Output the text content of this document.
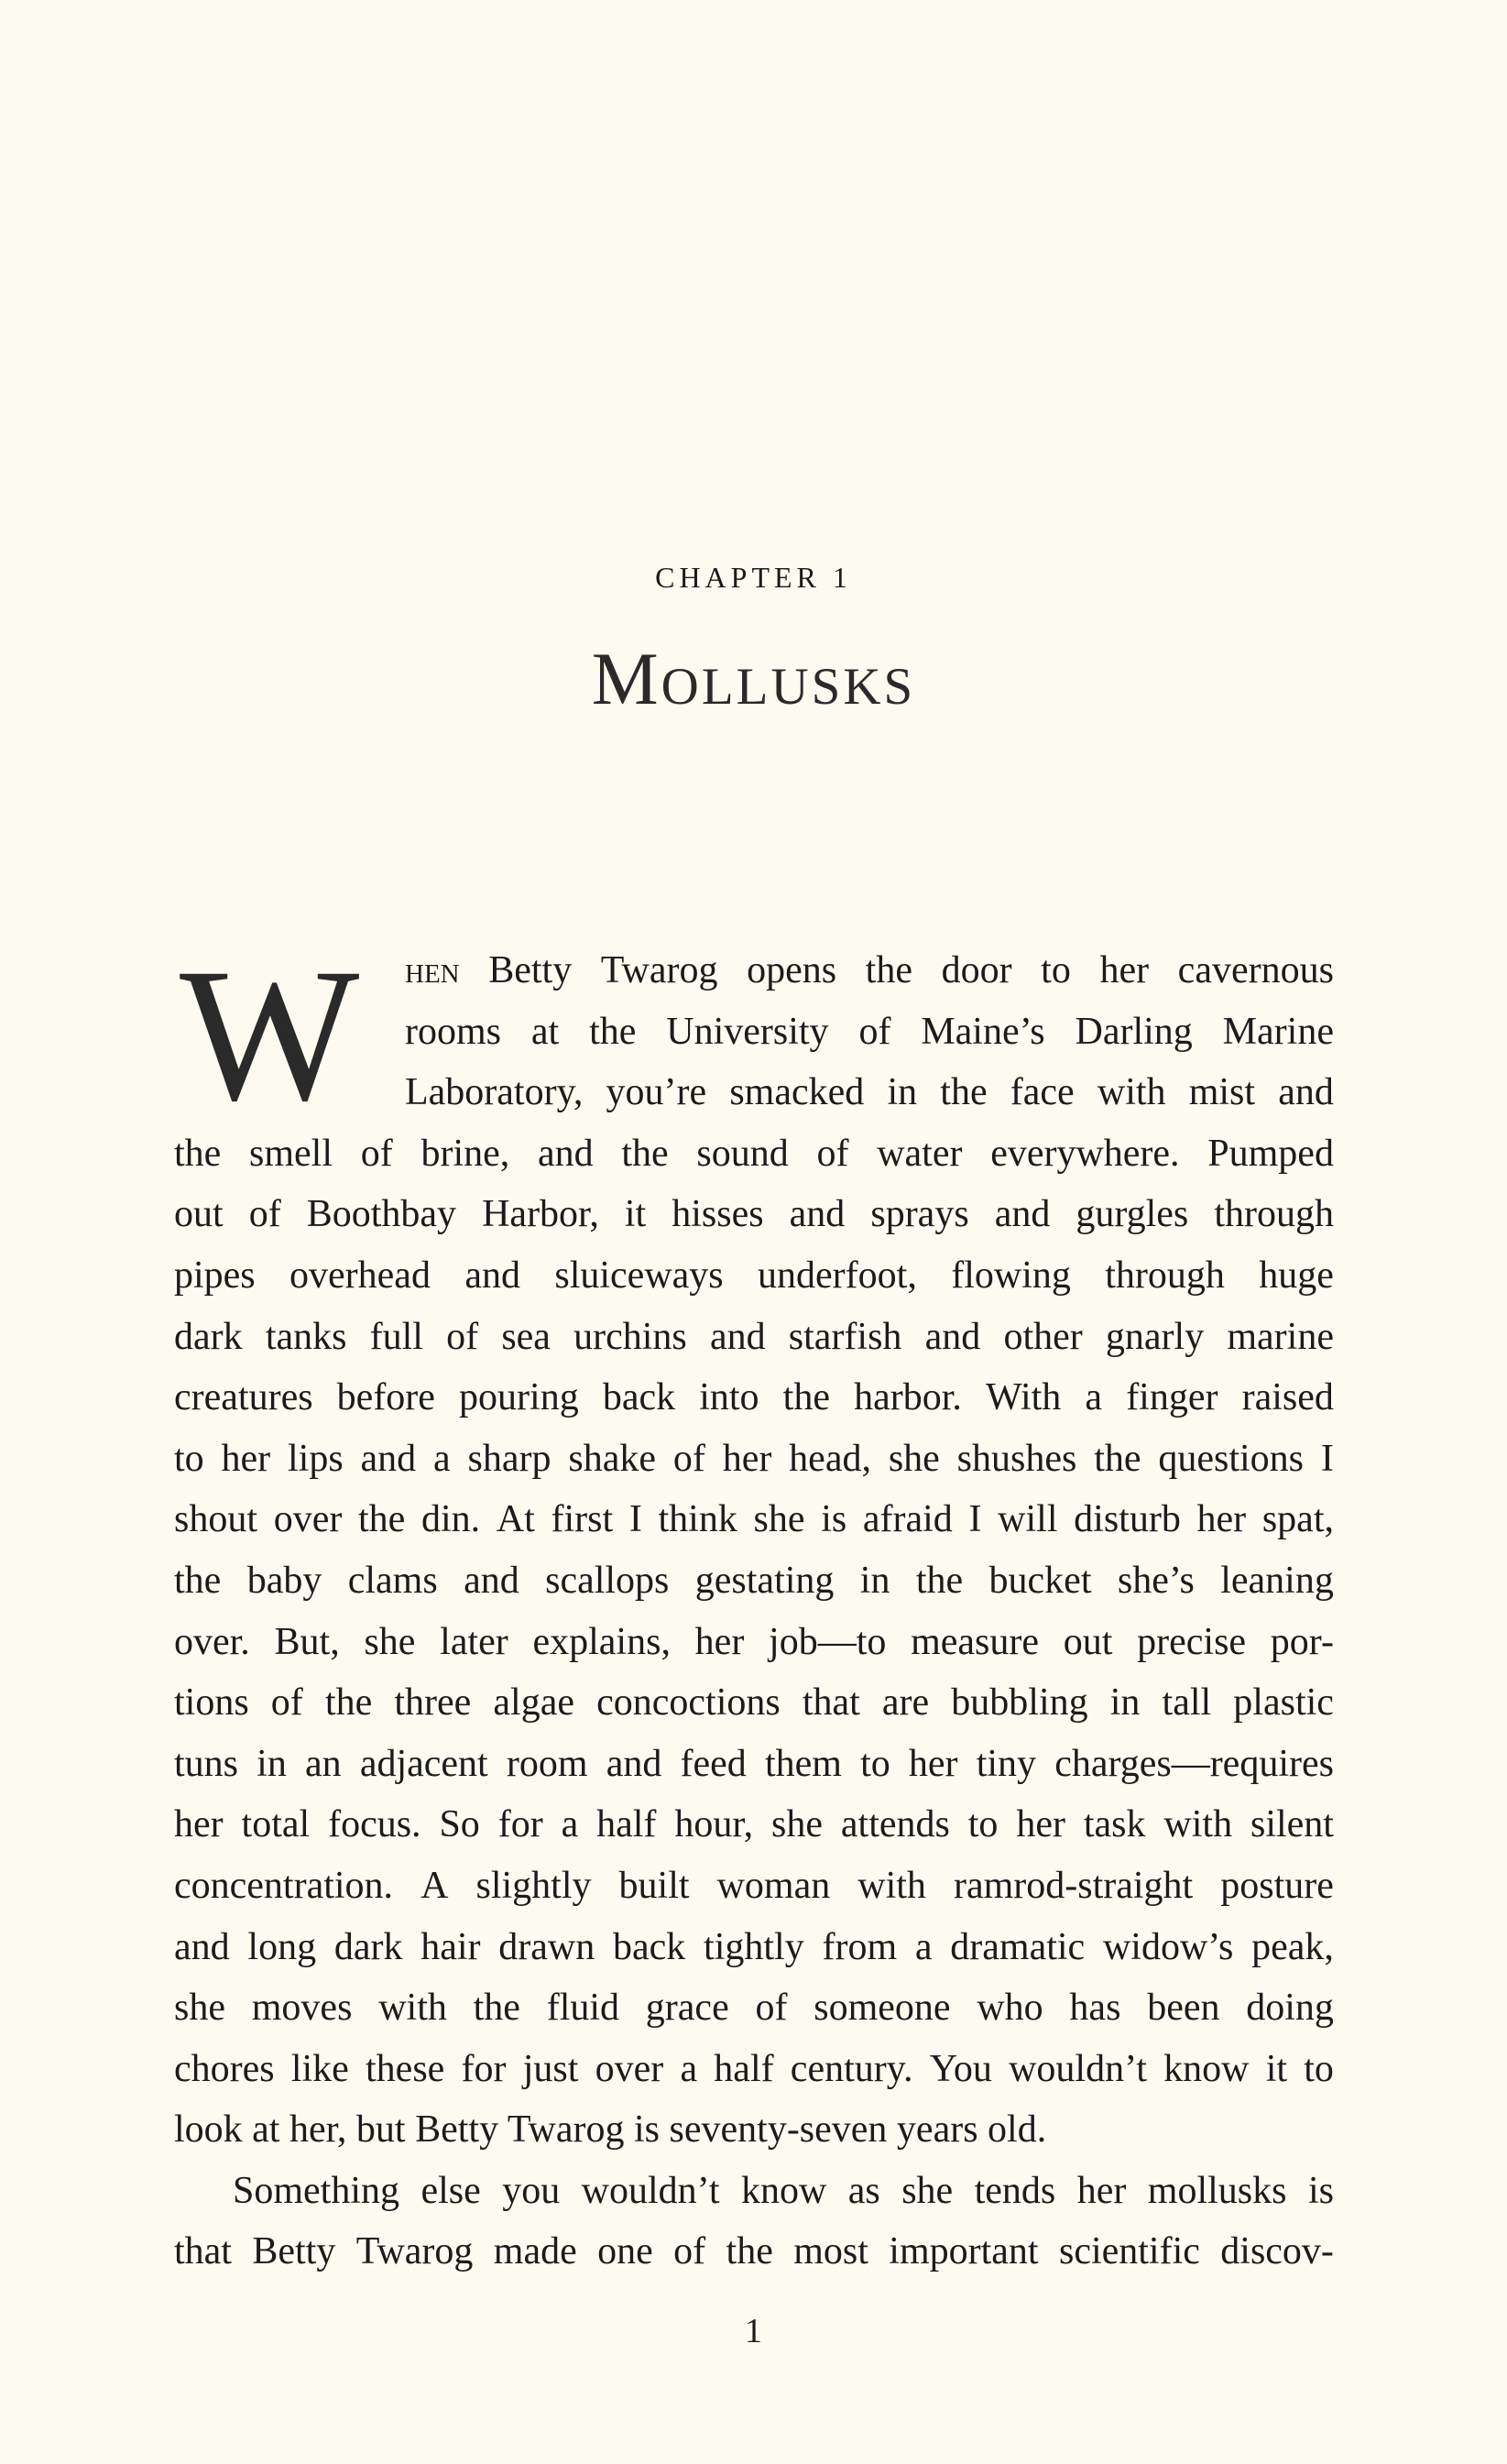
CHAPTER 1
Mollusks
W hen Betty Twarog opens the door to her cavernous
rooms at the University of Maine’s Darling Marine
Laboratory, you’re smacked in the face with mist and
the smell of brine, and the sound of water everywhere. Pumped
out of Boothbay Harbor, it hisses and sprays and gurgles through
pipes overhead and sluiceways underfoot, flowing through huge
dark tanks full of sea urchins and starfish and other gnarly marine
creatures before pouring back into the harbor. With a finger raised
to her lips and a sharp shake of her head, she shushes the questions I
shout over the din. At first I think she is afraid I will disturb her spat,
the baby clams and scallops gestating in the bucket she’s leaning
over. But, she later explains, her job—to measure out precise por-
tions of the three algae concoctions that are bubbling in tall plastic
tuns in an adjacent room and feed them to her tiny charges—requires
her total focus. So for a half hour, she attends to her task with silent
concentration. A slightly built woman with ramrod-straight posture
and long dark hair drawn back tightly from a dramatic widow’s peak,
she moves with the fluid grace of someone who has been doing
chores like these for just over a half century. You wouldn’t know it to
look at her, but Betty Twarog is seventy-seven years old.
Something else you wouldn’t know as she tends her mollusks is
that Betty Twarog made one of the most important scientific discov-
1
